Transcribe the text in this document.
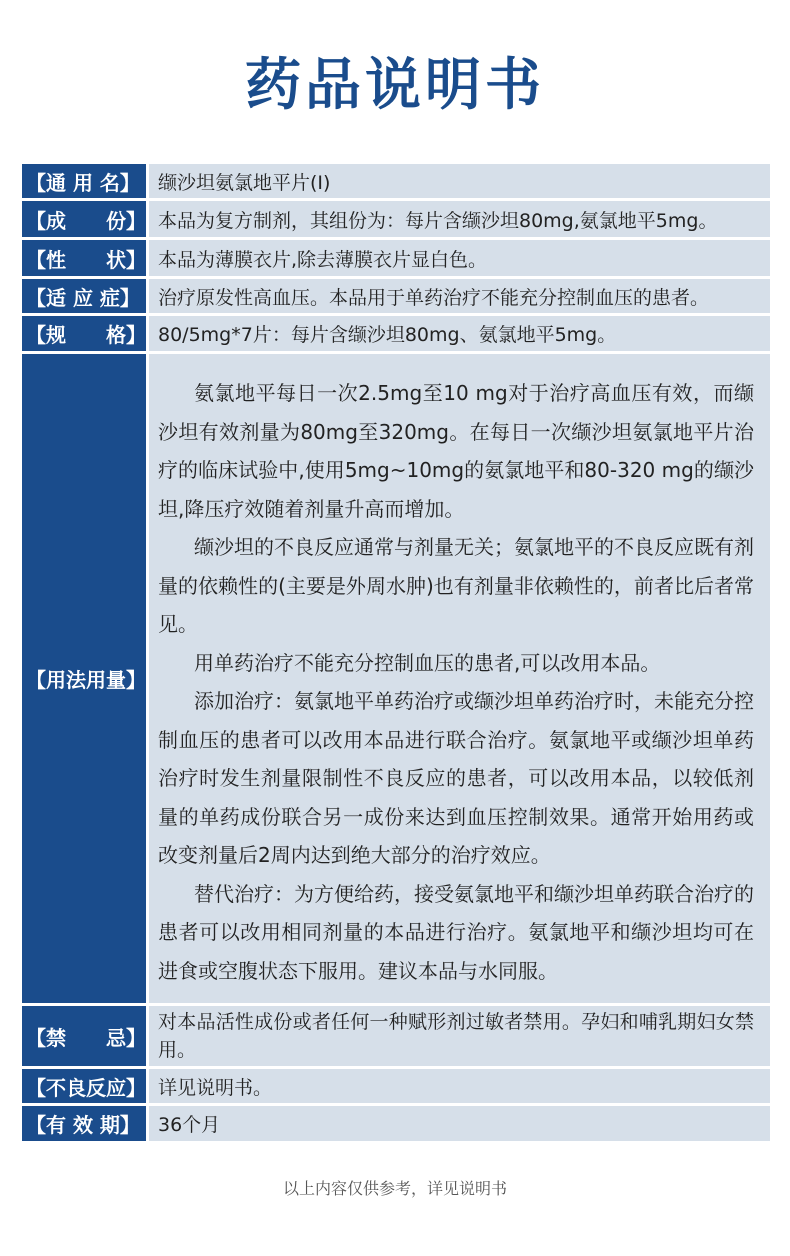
药品说明书
【通 用 名】 缬沙坦氨氯地平片(I)
【成　　份】 本品为复方制剂，其组份为：每片含缬沙坦80mg,氨氯地平5mg。
【性　　状】 本品为薄膜衣片,除去薄膜衣片显白色。
【适 应 症】 治疗原发性高血压。本品用于单药治疗不能充分控制血压的患者。
【规　　格】 80/5mg*7片：每片含缬沙坦80mg、氨氯地平5mg。
【用法用量】

氨氯地平每日一次2.5mg至10 mg对于治疗高血压有效，而缬沙坦有效剂量为80mg至320mg。在每日一次缬沙坦氨氯地平片治疗的临床试验中,使用5mg~10mg的氨氯地平和80-320 mg的缬沙坦,降压疗效随着剂量升高而增加。

缬沙坦的不良反应通常与剂量无关；氨氯地平的不良反应既有剂量的依赖性的(主要是外周水肿)也有剂量非依赖性的，前者比后者常见。

用单药治疗不能充分控制血压的患者,可以改用本品。

添加治疗：氨氯地平单药治疗或缬沙坦单药治疗时，未能充分控制血压的患者可以改用本品进行联合治疗。氨氯地平或缬沙坦单药治疗时发生剂量限制性不良反应的患者，可以改用本品，以较低剂量的单药成份联合另一成份来达到血压控制效果。通常开始用药或改变剂量后2周内达到绝大部分的治疗效应。

替代治疗：为方便给药，接受氨氯地平和缬沙坦单药联合治疗的患者可以改用相同剂量的本品进行治疗。氨氯地平和缬沙坦均可在进食或空腹状态下服用。建议本品与水同服。

【禁　　忌】

对本品活性成份或者任何一种赋形剂过敏者禁用。孕妇和哺乳期妇女禁用。

【不良反应】 详见说明书。
【有 效 期】 36个月
以上内容仅供参考，详见说明书
